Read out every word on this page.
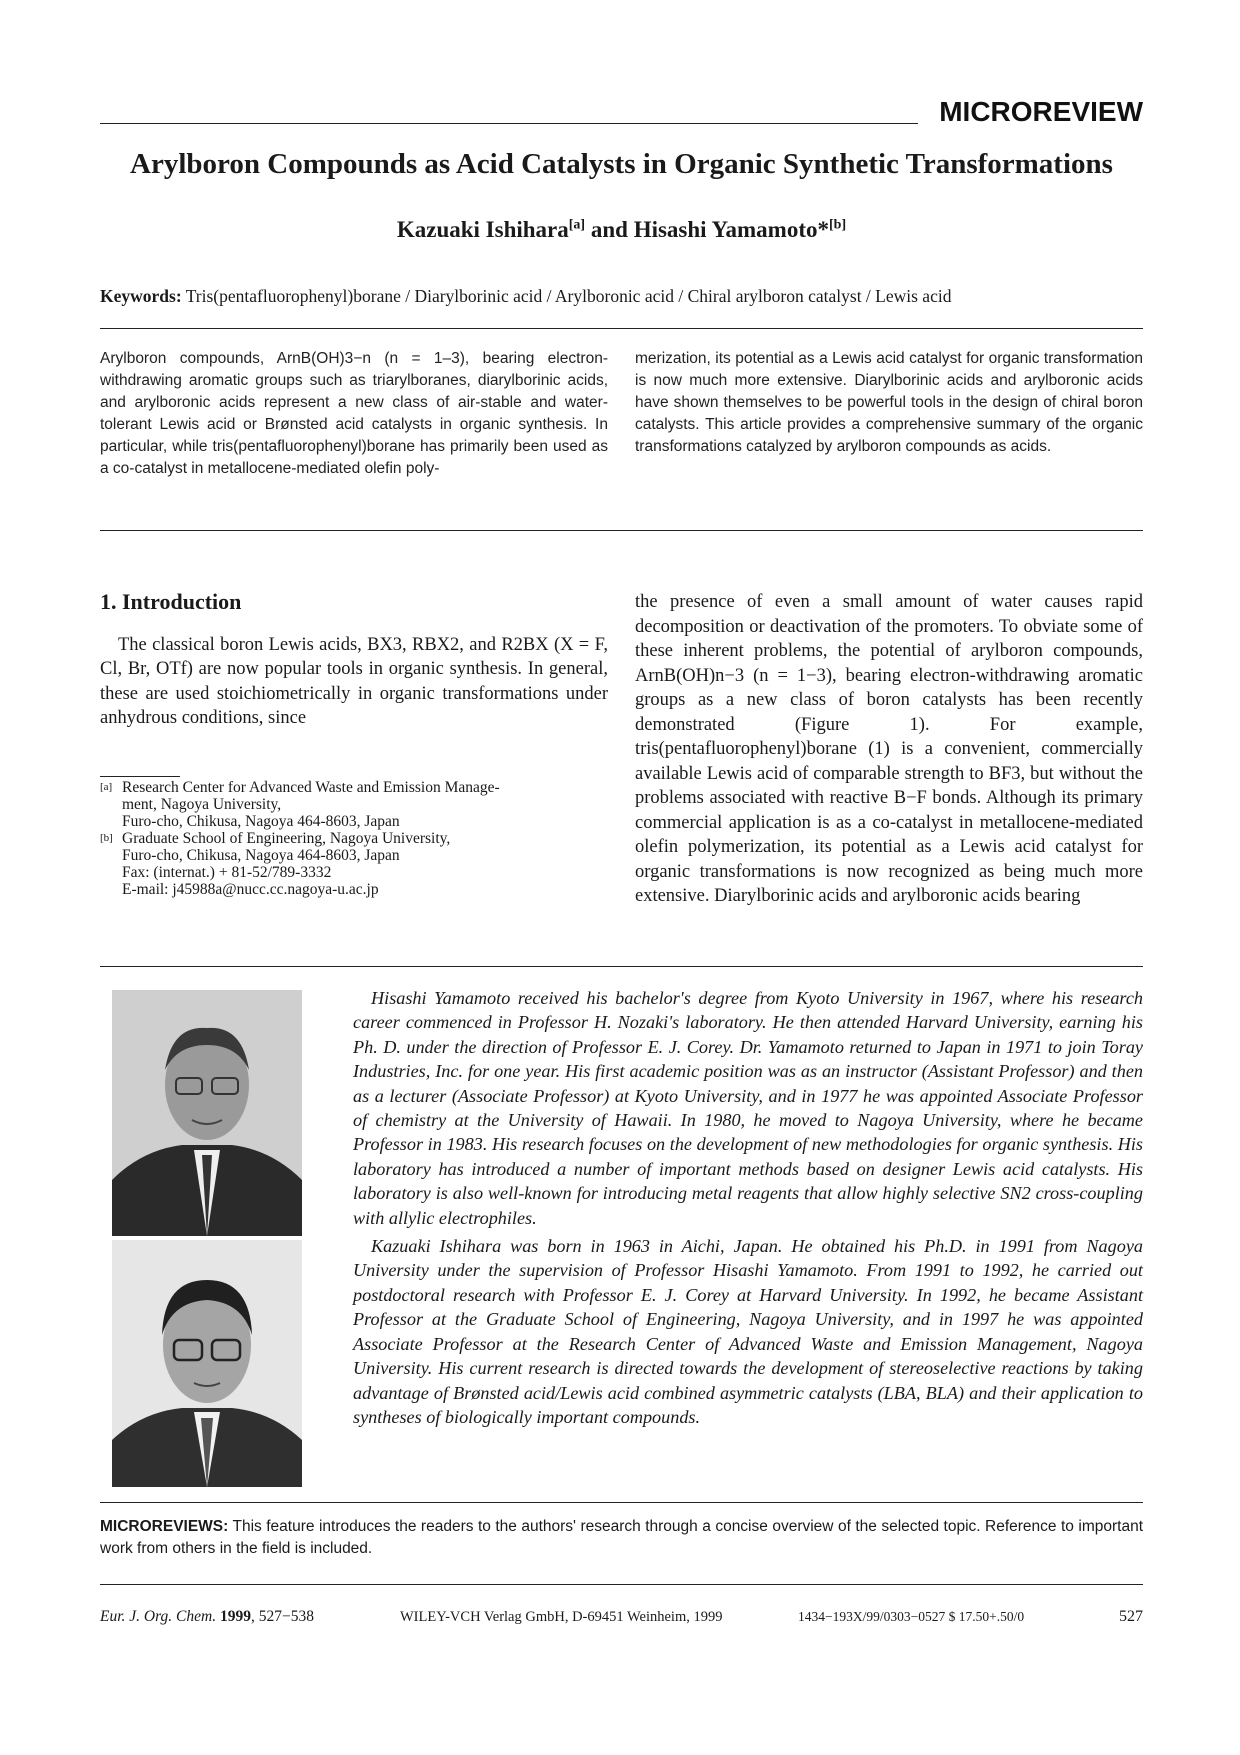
MICROREVIEW
Arylboron Compounds as Acid Catalysts in Organic Synthetic Transformations
Kazuaki Ishihara[a] and Hisashi Yamamoto*[b]
Keywords: Tris(pentafluorophenyl)borane / Diarylborinic acid / Arylboronic acid / Chiral arylboron catalyst / Lewis acid

Arylboron compounds, ArnB(OH)3−n (n = 1–3), bearing electron-withdrawing aromatic groups such as triarylboranes, diarylborinic acids, and arylboronic acids represent a new class of air-stable and water-tolerant Lewis acid or Brønsted acid catalysts in organic synthesis. In particular, while tris(pentafluorophenyl)borane has primarily been used as a co-catalyst in metallocene-mediated olefin poly-

merization, its potential as a Lewis acid catalyst for organic transformation is now much more extensive. Diarylborinic acids and arylboronic acids have shown themselves to be powerful tools in the design of chiral boron catalysts. This article provides a comprehensive summary of the organic transformations catalyzed by arylboron compounds as acids.

1. Introduction

The classical boron Lewis acids, BX3, RBX2, and R2BX (X = F, Cl, Br, OTf) are now popular tools in organic synthesis. In general, these are used stoichiometrically in organic transformations under anhydrous conditions, since

[a] Research Center for Advanced Waste and Emission Manage-
ment, Nagoya University,
Furo-cho, Chikusa, Nagoya 464-8603, Japan
[b] Graduate School of Engineering, Nagoya University,
Furo-cho, Chikusa, Nagoya 464-8603, Japan
Fax: (internat.) + 81-52/789-3332
E-mail: j45988a@nucc.cc.nagoya-u.ac.jp

the presence of even a small amount of water causes rapid decomposition or deactivation of the promoters. To obviate some of these inherent problems, the potential of arylboron compounds, ArnB(OH)n−3 (n = 1−3), bearing electron-withdrawing aromatic groups as a new class of boron catalysts has been recently demonstrated (Figure 1). For example, tris(pentafluorophenyl)borane (1) is a convenient, commercially available Lewis acid of comparable strength to BF3, but without the problems associated with reactive B−F bonds. Although its primary commercial application is as a co-catalyst in metallocene-mediated olefin polymerization, its potential as a Lewis acid catalyst for organic transformations is now recognized as being much more extensive. Diarylborinic acids and arylboronic acids bearing

Hisashi Yamamoto received his bachelor's degree from Kyoto University in 1967, where his research career commenced in Professor H. Nozaki's laboratory. He then attended Harvard University, earning his Ph. D. under the direction of Professor E. J. Corey. Dr. Yamamoto returned to Japan in 1971 to join Toray Industries, Inc. for one year. His first academic position was as an instructor (Assistant Professor) and then as a lecturer (Associate Professor) at Kyoto University, and in 1977 he was appointed Associate Professor of chemistry at the University of Hawaii. In 1980, he moved to Nagoya University, where he became Professor in 1983. His research focuses on the development of new methodologies for organic synthesis. His laboratory has introduced a number of important methods based on designer Lewis acid catalysts. His laboratory is also well-known for introducing metal reagents that allow highly selective SN2 cross-coupling with allylic electrophiles.

Kazuaki Ishihara was born in 1963 in Aichi, Japan. He obtained his Ph.D. in 1991 from Nagoya University under the supervision of Professor Hisashi Yamamoto. From 1991 to 1992, he carried out postdoctoral research with Professor E. J. Corey at Harvard University. In 1992, he became Assistant Professor at the Graduate School of Engineering, Nagoya University, and in 1997 he was appointed Associate Professor at the Research Center of Advanced Waste and Emission Management, Nagoya University. His current research is directed towards the development of stereoselective reactions by taking advantage of Brønsted acid/Lewis acid combined asymmetric catalysts (LBA, BLA) and their application to syntheses of biologically important compounds.

MICROREVIEWS: This feature introduces the readers to the authors' research through a concise overview of the selected topic. Reference to important work from others in the field is included.
Eur. J. Org. Chem. 1999, 527−538	WILEY-VCH Verlag GmbH, D-69451 Weinheim, 1999	1434−193X/99/0303−0527 $ 17.50+.50/0	527
